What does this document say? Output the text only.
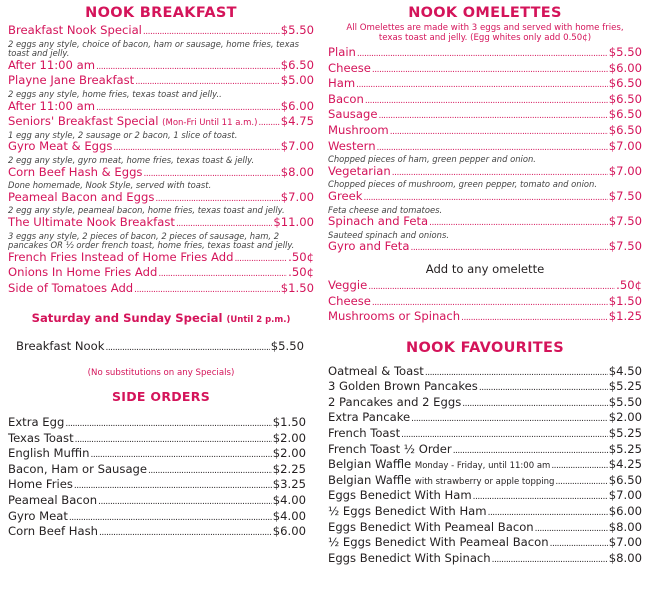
NOOK BREAKFAST
Breakfast Nook Special .....	$5.50
2 eggs any style, choice of bacon, ham or sausage, home fries, texas toast and jelly.
After 11:00 am .....	$6.50
Playne Jane Breakfast .....	$5.00
2 eggs any style, home fries, texas toast and jelly..
After 11:00 am .....	$6.00
Seniors' Breakfast Special (Mon-Fri Until 11 a.m.) ..... $4.75
1 egg any style, 2 sausage or 2 bacon, 1 slice of toast.
Gyro Meat & Eggs .....	$7.00
2 egg any style, gyro meat, home fries, texas toast & jelly.
Corn Beef Hash & Eggs .....	$8.00
Done homemade, Nook Style, served with toast.
Peameal Bacon and Eggs .....	$7.00
2 egg any style, peameal bacon, home fries, texas toast and jelly.
The Ultimate Nook Breakfast .....	$11.00
3 eggs any style, 2 pieces of bacon, 2 pieces of sausage, ham, 2 pancakes OR ½ order french toast, home fries, texas toast and jelly.
French Fries Instead of Home Fries Add .....	.50¢
Onions In Home Fries Add .....	.50¢
Side of Tomatoes Add .....	$1.50
Saturday and Sunday Special (Until 2 p.m.)
Breakfast Nook .....	$5.50
(No substitutions on any Specials)
SIDE ORDERS
Extra Egg .....	$1.50
Texas Toast .....	$2.00
English Muffin .....	$2.00
Bacon, Ham or Sausage .....	$2.25
Home Fries .....	$3.25
Peameal Bacon .....	$4.00
Gyro Meat .....	$4.00
Corn Beef Hash .....	$6.00
NOOK OMELETTES
All Omelettes are made with 3 eggs and served with home fries, texas toast and jelly. (Egg whites only add 0.50¢)
Plain .....	$5.50
Cheese .....	$6.00
Ham .....	$6.50
Bacon .....	$6.50
Sausage .....	$6.50
Mushroom .....	$6.50
Western .....	$7.00
Chopped pieces of ham, green pepper and onion.
Vegetarian .....	$7.00
Chopped pieces of mushroom, green pepper, tomato and onion.
Greek .....	$7.50
Feta cheese and tomatoes.
Spinach and Feta .....	$7.50
Sauteed spinach and onions.
Gyro and Feta .....	$7.50
Add to any omelette
Veggie .....	.50¢
Cheese .....	$1.50
Mushrooms or Spinach .....	$1.25
NOOK FAVOURITES
Oatmeal & Toast .....	$4.50
3 Golden Brown Pancakes .....	$5.25
2 Pancakes and 2 Eggs .....	$5.50
Extra Pancake .....	$2.00
French Toast .....	$5.25
French Toast ½ Order .....	$5.25
Belgian Waffle Monday - Friday, until 11:00 am .....	$4.25
Belgian Waffle with strawberry or apple topping .....	$6.50
Eggs Benedict With Ham .....	$7.00
½ Eggs Benedict With Ham .....	$6.00
Eggs Benedict With Peameal Bacon .....	$8.00
½ Eggs Benedict With Peameal Bacon .....	$7.00
Eggs Benedict With Spinach .....	$8.00
